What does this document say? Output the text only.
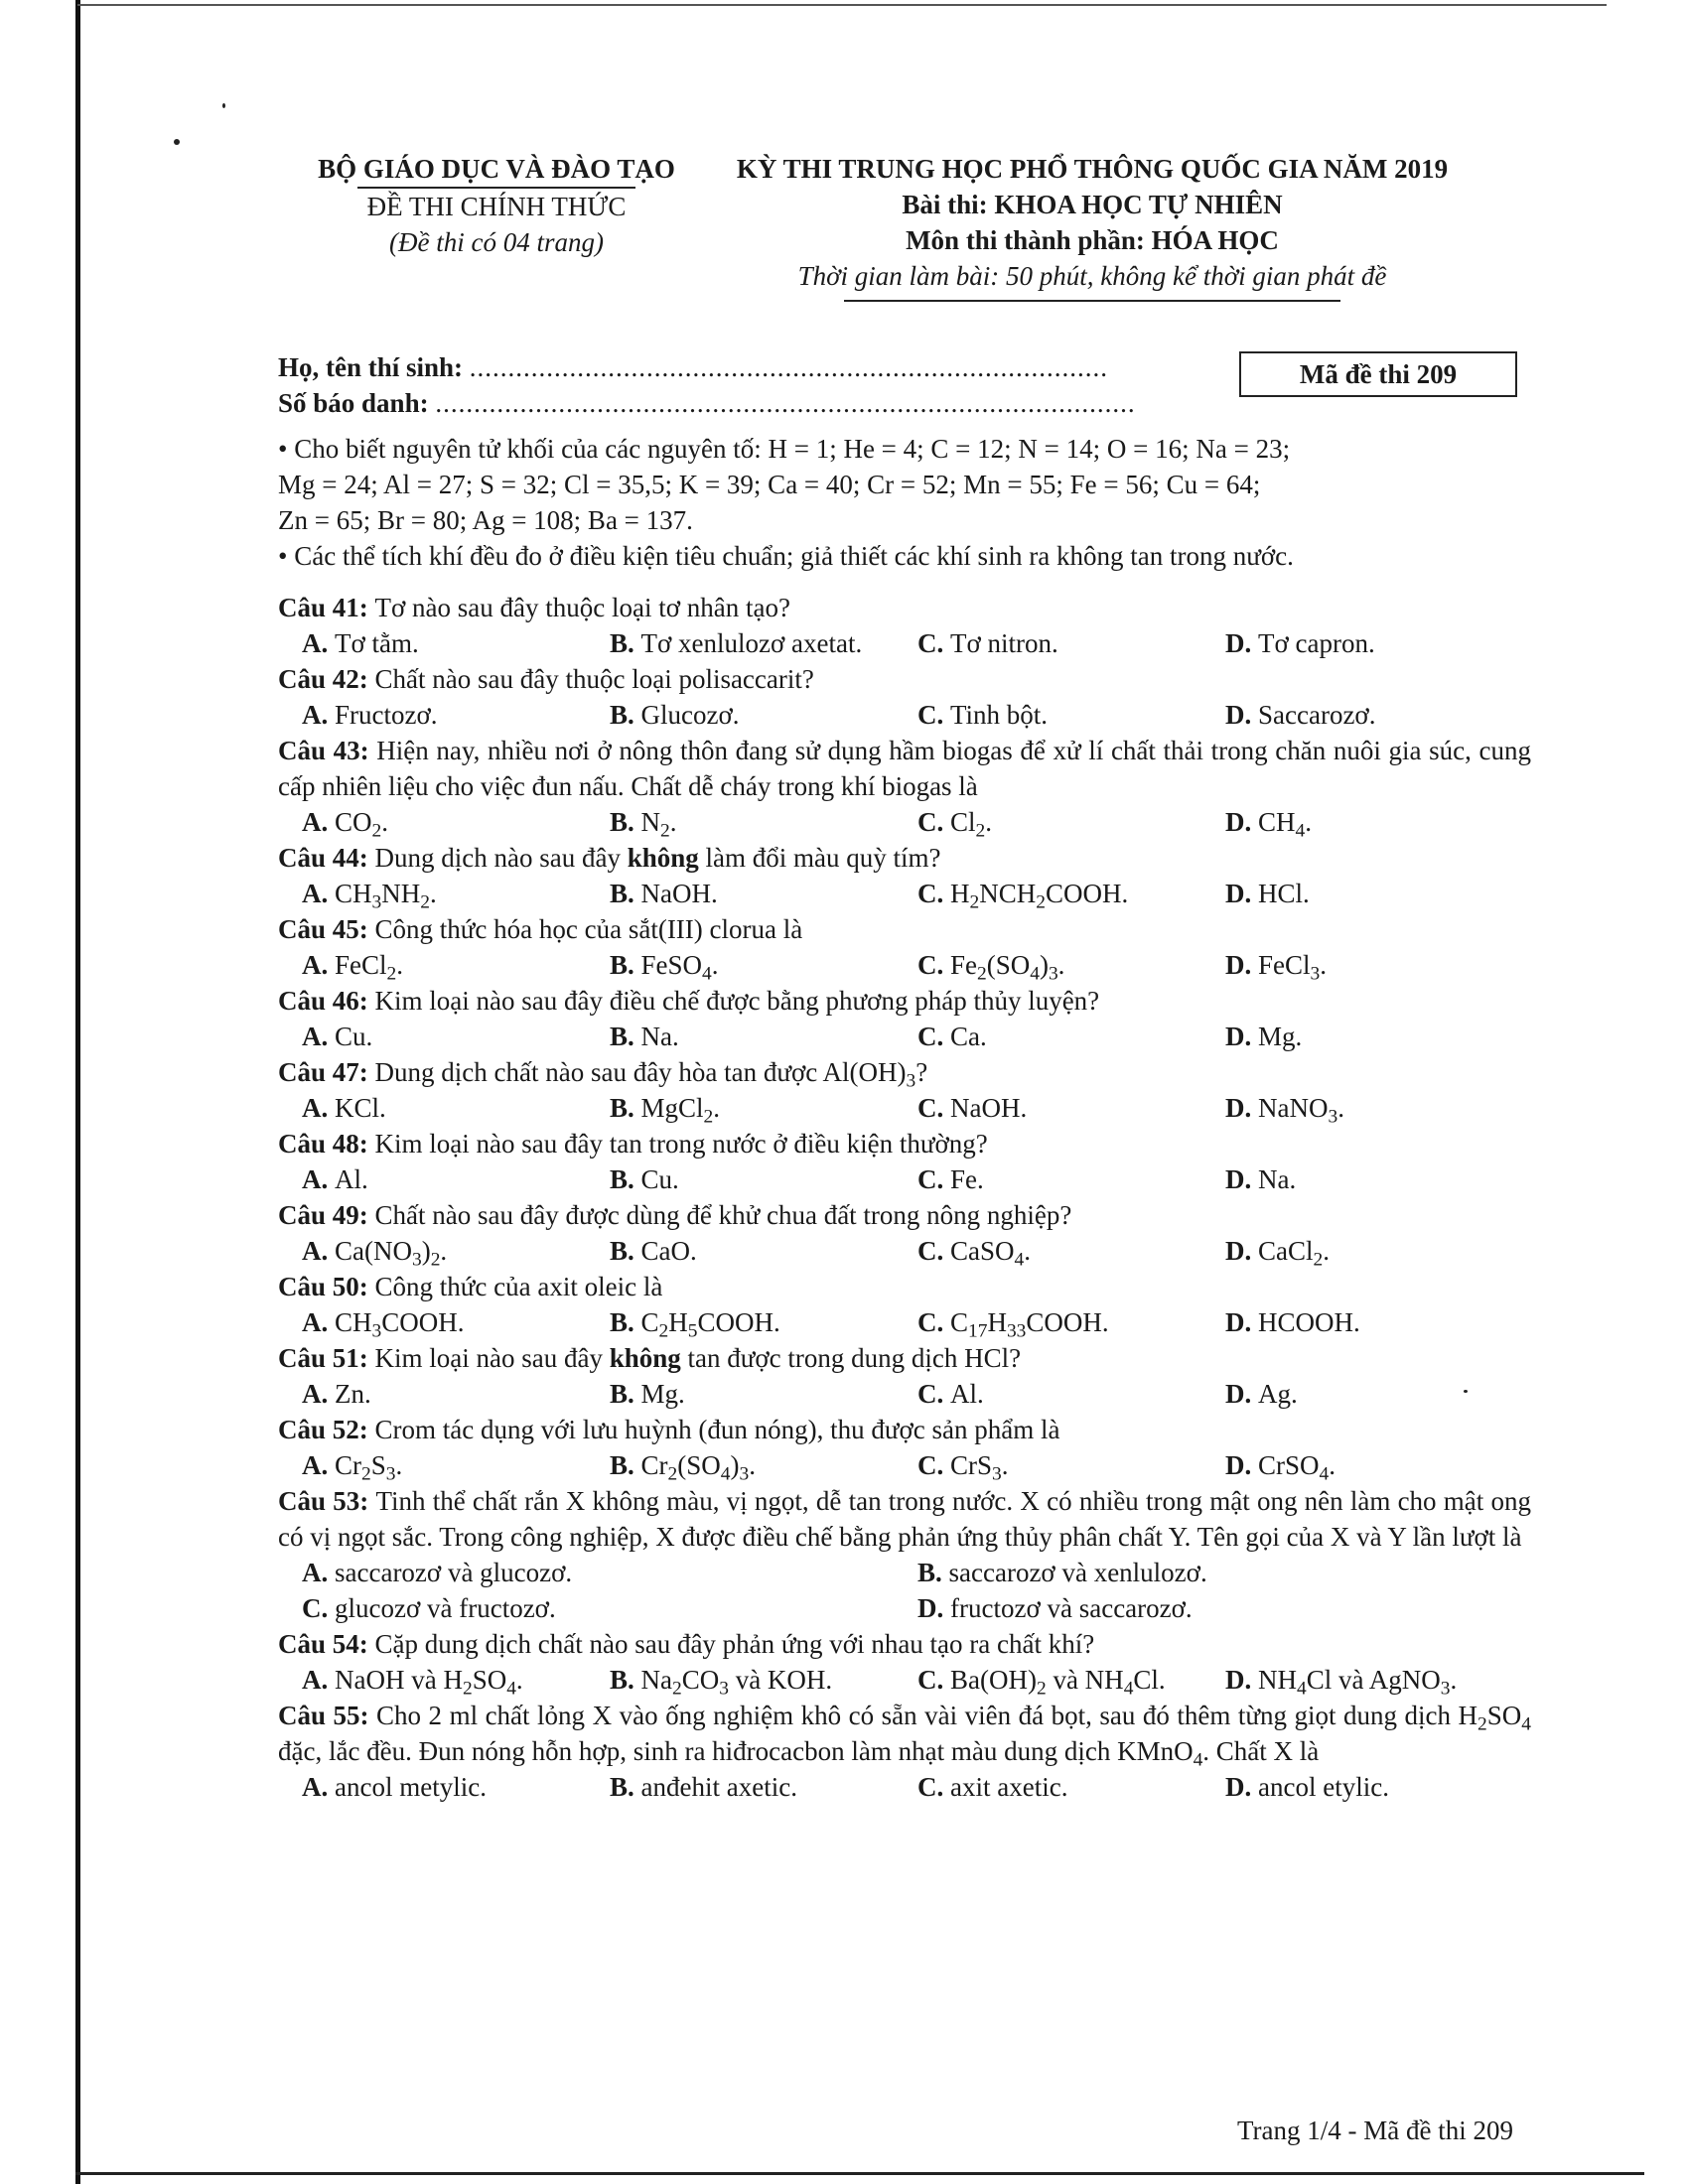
BỘ GIÁO DỤC VÀ ĐÀO TẠO
ĐỀ THI CHÍNH THỨC
(Đề thi có 04 trang)
KỲ THI TRUNG HỌC PHỔ THÔNG QUỐC GIA NĂM 2019
Bài thi: KHOA HỌC TỰ NHIÊN
Môn thi thành phần: HÓA HỌC
Thời gian làm bài: 50 phút, không kể thời gian phát đề
Họ, tên thí sinh: ...................................................................................
Số báo danh: ...........................................................................................
Mã đề thi 209
• Cho biết nguyên tử khối của các nguyên tố: H = 1; He = 4; C = 12; N = 14; O = 16; Na = 23;
Mg = 24; Al = 27; S = 32; Cl = 35,5; K = 39; Ca = 40; Cr = 52; Mn = 55; Fe = 56; Cu = 64;
Zn = 65; Br = 80; Ag = 108; Ba = 137.
• Các thể tích khí đều đo ở điều kiện tiêu chuẩn; giả thiết các khí sinh ra không tan trong nước.
Câu 41: Tơ nào sau đây thuộc loại tơ nhân tạo?
A. Tơ tằm.	B. Tơ xenlulozơ axetat.	C. Tơ nitron.	D. Tơ capron.
Câu 42: Chất nào sau đây thuộc loại polisaccarit?
A. Fructozơ.	B. Glucozơ.	C. Tinh bột.	D. Saccarozơ.
Câu 43: Hiện nay, nhiều nơi ở nông thôn đang sử dụng hầm biogas để xử lí chất thải trong chăn nuôi gia súc, cung cấp nhiên liệu cho việc đun nấu. Chất dễ cháy trong khí biogas là
A. $CO_2$.	B. $N_2$.	C. $Cl_2$.	D. $CH_4$.
Câu 44: Dung dịch nào sau đây không làm đổi màu quỳ tím?
A. $CH_3NH_2$.	B. NaOH.	C. $H_2NCH_2COOH$.	D. HCl.
Câu 45: Công thức hóa học của sắt(III) clorua là
A. FeCl$_2$.	B. FeSO$_4$.	C. $Fe_2(SO_4)_3$.	D. FeCl$_3$.
Câu 46: Kim loại nào sau đây điều chế được bằng phương pháp thủy luyện?
A. Cu.	B. Na.	C. Ca.	D. Mg.
Câu 47: Dung dịch chất nào sau đây hòa tan được $Al(OH)_3$?
A. KCl.	B. MgCl$_2$.	C. NaOH.	D. NaNO$_3$.
Câu 48: Kim loại nào sau đây tan trong nước ở điều kiện thường?
A. Al.	B. Cu.	C. Fe.	D. Na.
Câu 49: Chất nào sau đây được dùng để khử chua đất trong nông nghiệp?
A. $Ca(NO_3)_2$.	B. CaO.	C. CaSO$_4$.	D. CaCl$_2$.
Câu 50: Công thức của axit oleic là
A. $CH_3COOH$.	B. $C_2H_5COOH$.	C. $C_{17}H_{33}COOH$.	D. HCOOH.
Câu 51: Kim loại nào sau đây không tan được trong dung dịch HCl?
A. Zn.	B. Mg.	C. Al.	D. Ag.
Câu 52: Crom tác dụng với lưu huỳnh (đun nóng), thu được sản phẩm là
A. $Cr_2S_3$.	B. $Cr_2(SO_4)_3$.	C. CrS$_3$.	D. CrSO$_4$.
Câu 53: Tinh thể chất rắn X không màu, vị ngọt, dễ tan trong nước. X có nhiều trong mật ong nên làm cho mật ong có vị ngọt sắc. Trong công nghiệp, X được điều chế bằng phản ứng thủy phân chất Y. Tên gọi của X và Y lần lượt là
A. saccarozơ và glucozơ.	B. saccarozơ và xenlulozơ.
C. glucozơ và fructozơ.	D. fructozơ và saccarozơ.
Câu 54: Cặp dung dịch chất nào sau đây phản ứng với nhau tạo ra chất khí?
A. NaOH và $H_2SO_4$.	B. $Na_2CO_3$ và KOH.	C. $Ba(OH)_2$ và $NH_4Cl$.	D. $NH_4Cl$ và AgNO$_3$.
Câu 55: Cho 2 ml chất lỏng X vào ống nghiệm khô có sẵn vài viên đá bọt, sau đó thêm từng giọt dung dịch $H_2SO_4$ đặc, lắc đều. Đun nóng hỗn hợp, sinh ra hiđrocacbon làm nhạt màu dung dịch KMnO$_4$. Chất X là
A. ancol metylic.	B. anđehit axetic.	C. axit axetic.	D. ancol etylic.
Trang 1/4 - Mã đề thi 209
